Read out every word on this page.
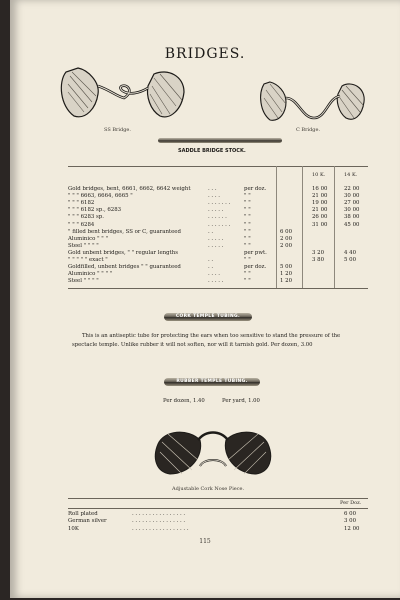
BRIDGES.
SS Bridge.	C Bridge.
SADDLE BRIDGE STOCK.
10 K.	14 K.
Gold bridges, bent, 6661, 6662, 6642 weight	. . .	per doz.	16 00	22 00
" " " 6663, 6664, 6665 "	. . . .	" "	21 00	30 00
" " " 6182	. . . . . . .	" "	19 00	27 00
" " " 6182 sp., 6283	. . . . .	" "	21 00	30 00
" " " 6283 sp.	. . . . . .	" "	26 00	38 00
" " " 6284	. . . . . . .	" "	31 00	45 00
" filled bent bridges, SS or C, guaranteed	. .	" "	6 00
Aluminico " " "	. . . . .	" "	2 00
Steel " " " "	. . . . .	" "	2 00
Gold unbent bridges, " " regular lengths	per pwt.	3 20	4 40
" " " " " exact "	. .	" "	3 80	5 00
Goldfilled, unbent bridges " " guaranteed	. .	per doz.	5 00
Aluminico " " " "	. . . .	" "	1 20
Steel " " " "	. . . . .	" "	1 20
CORK TEMPLE TUBING.
This is an antiseptic tube for protecting the ears when too sensitive to stand the pressure of the spectacle temple. Unlike rubber it will not soften, nor will it tarnish gold. Per dozen, 3.00
RUBBER TEMPLE TUBING.
Per dozen, 1.40	Per yard, 1.00
Adjustable Cork Nose Piece.
Per Doz.
Roll plated	. . . . . . . . . . . . . . . .	6 00
German silver	. . . . . . . . . . . . . . . .	3 00
10K	. . . . . . . . . . . . . . . . .	12 00
115
